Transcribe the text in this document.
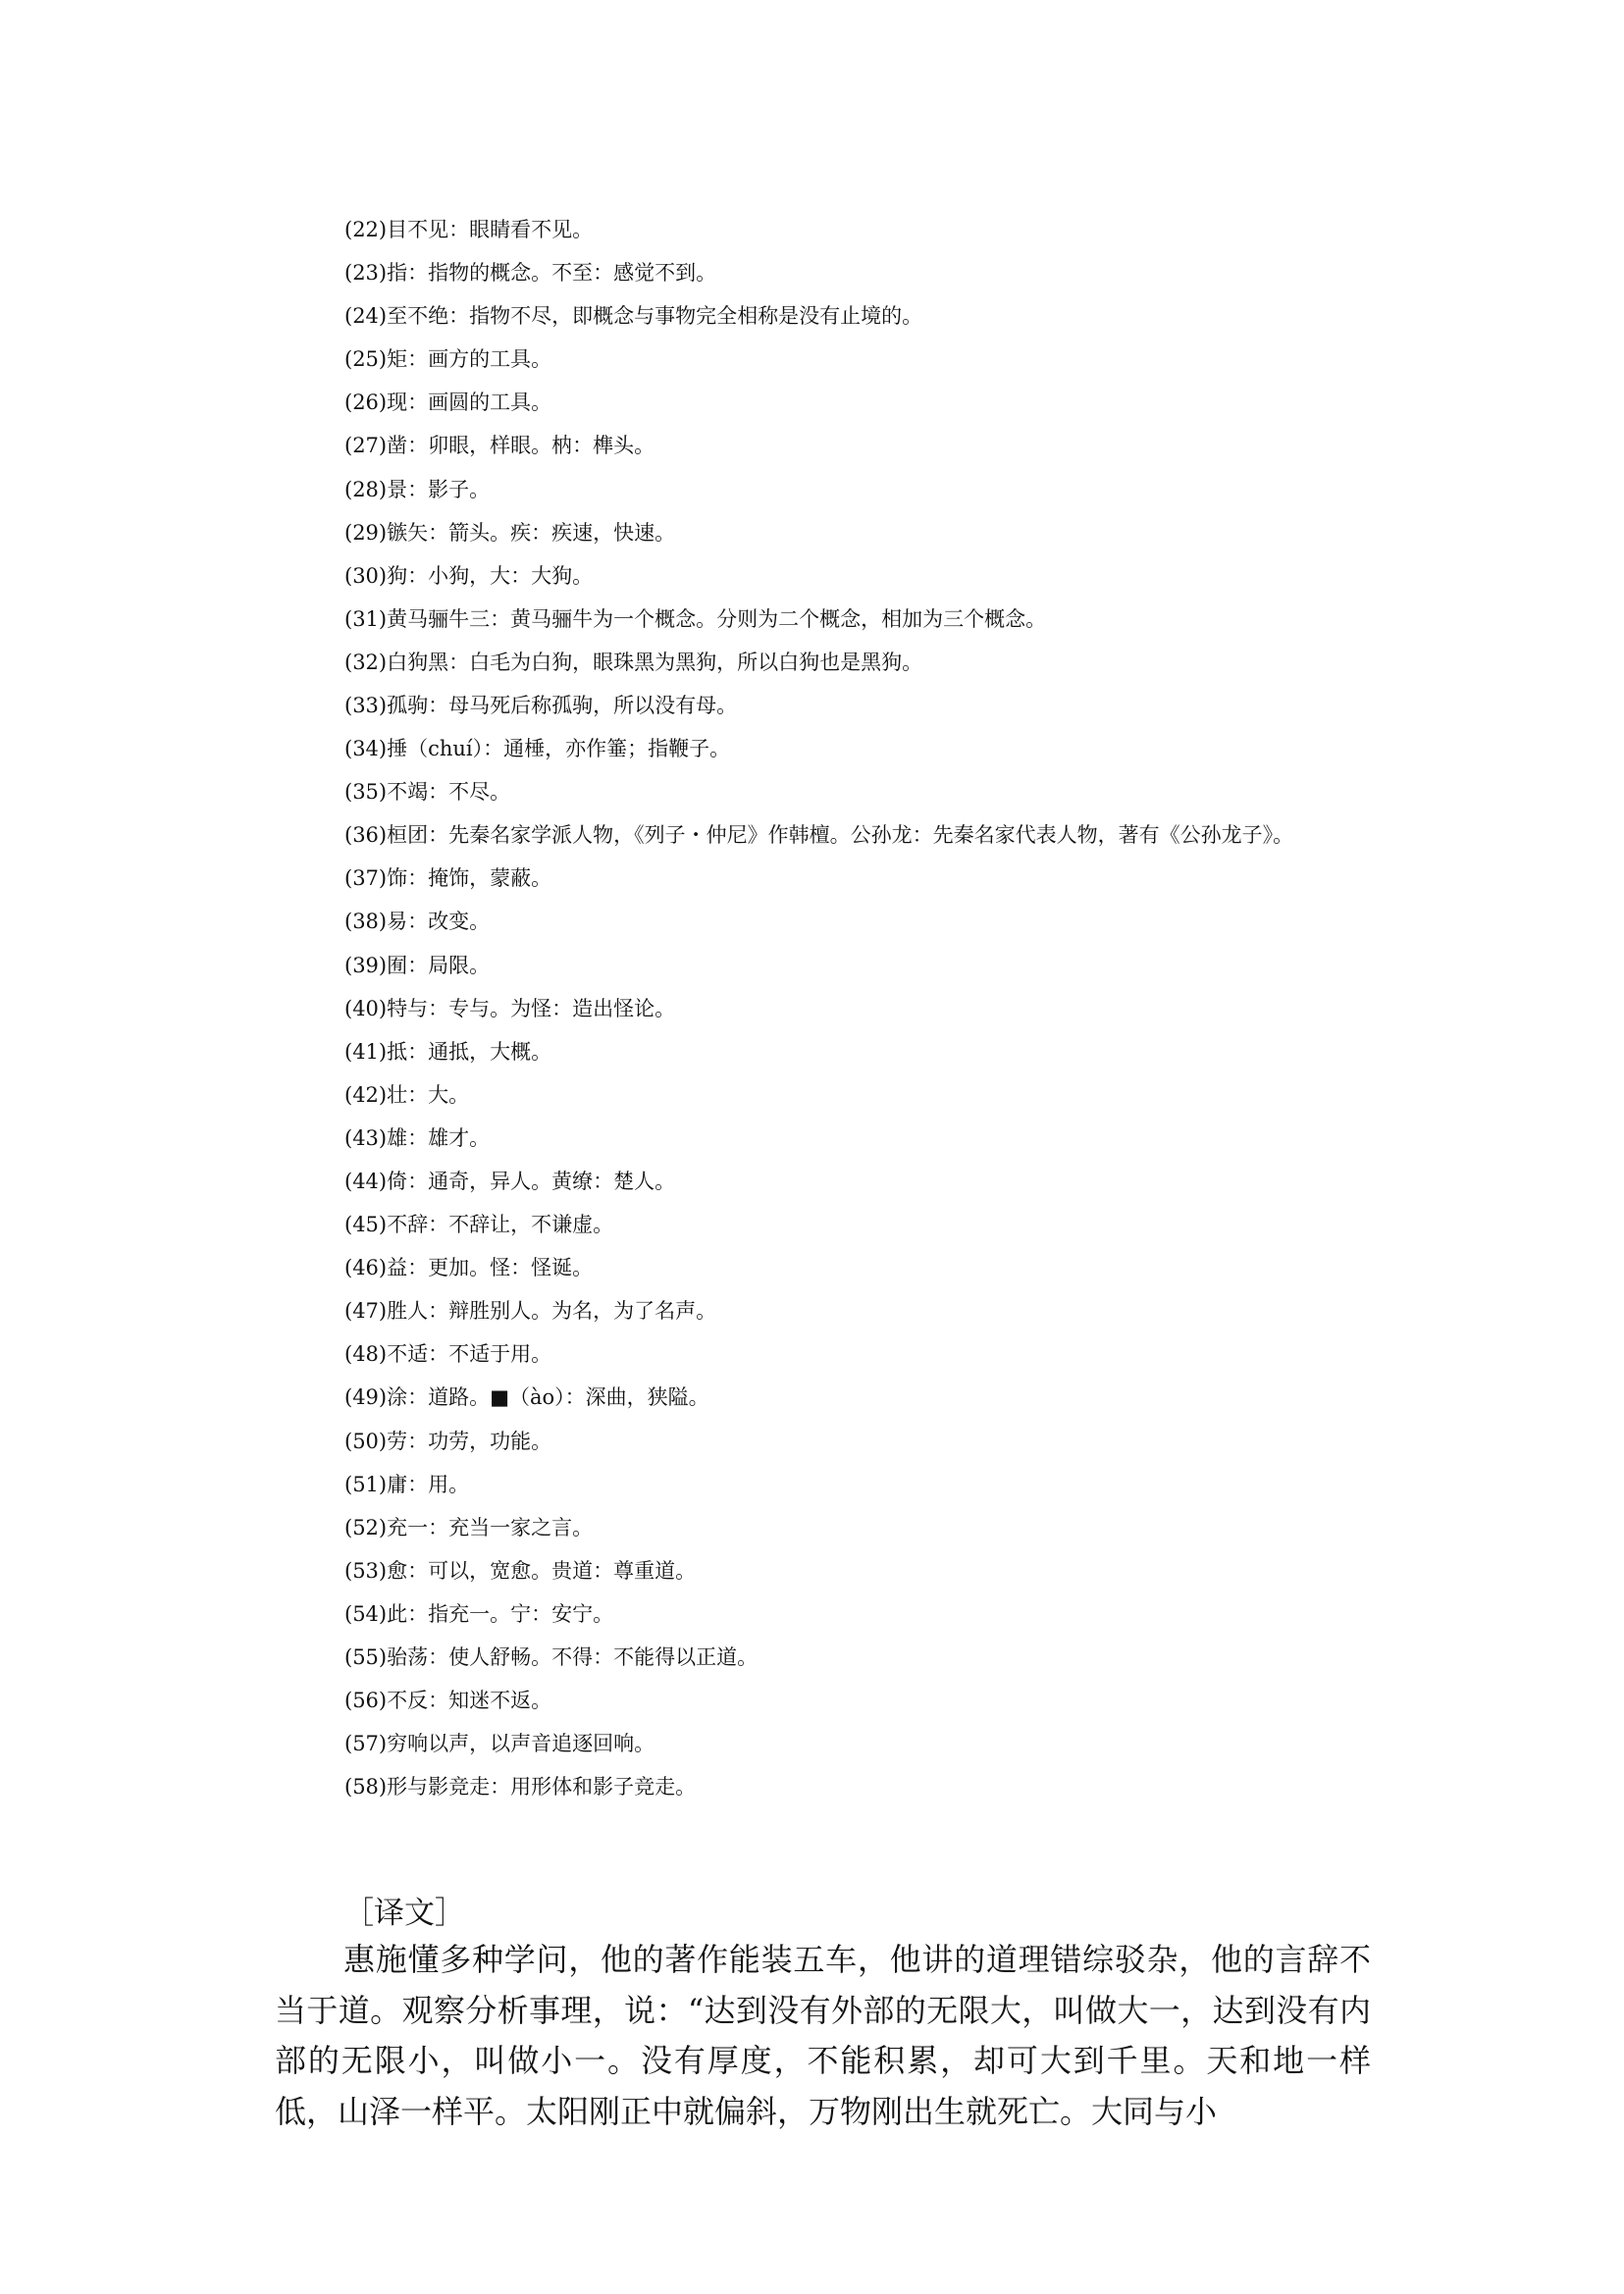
(22)目不见：眼睛看不见。
(23)指：指物的概念。不至：感觉不到。
(24)至不绝：指物不尽，即概念与事物完全相称是没有止境的。
(25)矩：画方的工具。
(26)现：画圆的工具。
(27)凿：卯眼，样眼。枘：榫头。
(28)景：影子。
(29)镞矢：箭头。疾：疾速，快速。
(30)狗：小狗，大：大狗。
(31)黄马骊牛三：黄马骊牛为一个概念。分则为二个概念，相加为三个概念。
(32)白狗黑：白毛为白狗，眼珠黑为黑狗，所以白狗也是黑狗。
(33)孤驹：母马死后称孤驹，所以没有母。
(34)捶（chuí）：通棰，亦作箠；指鞭子。
(35)不竭：不尽。
(36)桓团：先秦名家学派人物，《列子・仲尼》作韩檀。公孙龙：先秦名家代表人物，著有《公孙龙子》。
(37)饰：掩饰，蒙蔽。
(38)易：改变。
(39)囿：局限。
(40)特与：专与。为怪：造出怪论。
(41)抵：通抵，大概。
(42)壮：大。
(43)雄：雄才。
(44)倚：通奇，异人。黄缭：楚人。
(45)不辞：不辞让，不谦虚。
(46)益：更加。怪：怪诞。
(47)胜人：辩胜别人。为名，为了名声。
(48)不适：不适于用。
(49)涂：道路。■（ào）：深曲，狭隘。
(50)劳：功劳，功能。
(51)庸：用。
(52)充一：充当一家之言。
(53)愈：可以，宽愈。贵道：尊重道。
(54)此：指充一。宁：安宁。
(55)骀荡：使人舒畅。不得：不能得以正道。
(56)不反：知迷不返。
(57)穷响以声，以声音追逐回响。
(58)形与影竞走：用形体和影子竞走。
［译文］

惠施懂多种学问，他的著作能装五车，他讲的道理错综驳杂，他的言辞不当于道。观察分析事理，说：“达到没有外部的无限大，叫做大一，达到没有内部的无限小，叫做小一。没有厚度，不能积累，却可大到千里。天和地一样低，山泽一样平。太阳刚正中就偏斜，万物刚出生就死亡。大同与小
